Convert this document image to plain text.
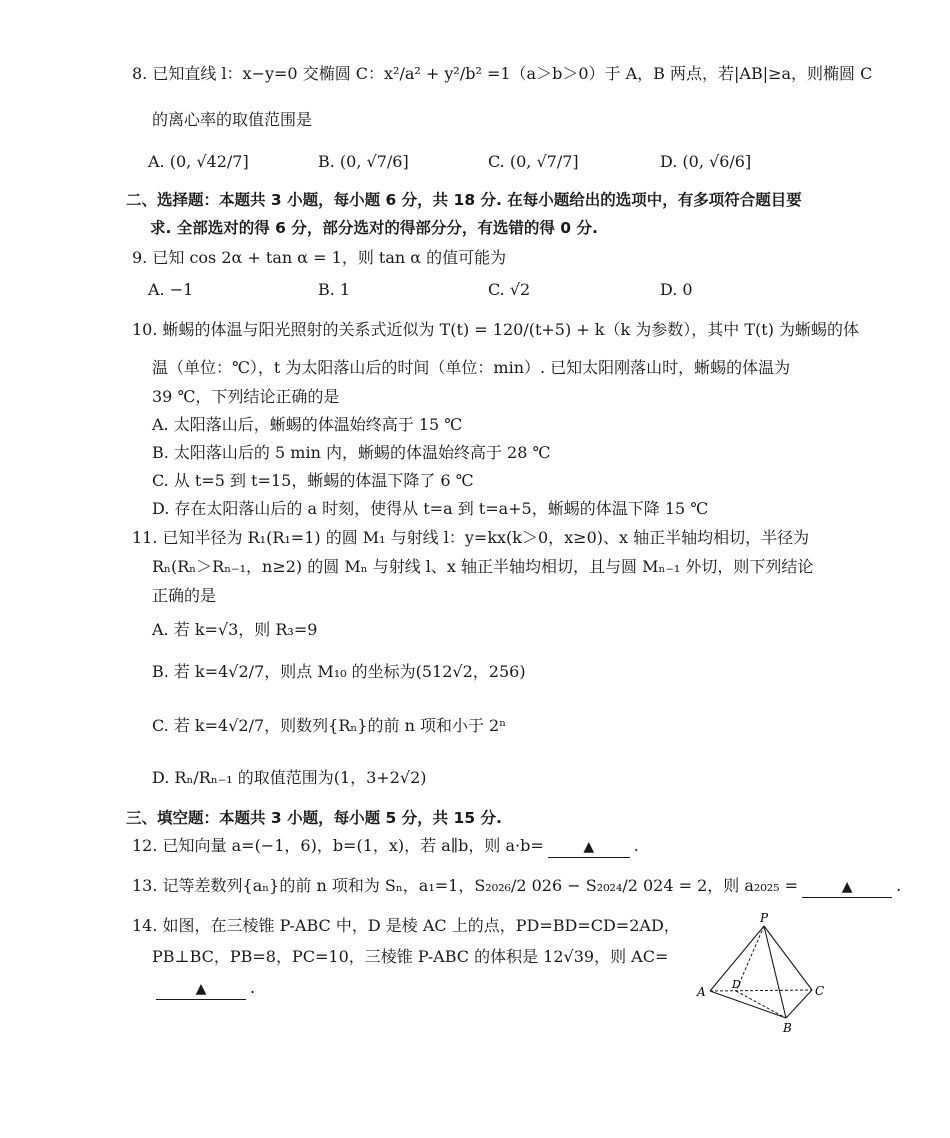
8. 已知直线 l：x−y=0 交椭圆 C：x²/a² + y²/b² =1（a＞b＞0）于 A，B 两点，若|AB|≥a，则椭圆 C
的离心率的取值范围是
A. (0, √42/7]	B. (0, √7/6]	C. (0, √7/7]	D. (0, √6/6]
二、选择题：本题共 3 小题，每小题 6 分，共 18 分. 在每小题给出的选项中，有多项符合题目要
求. 全部选对的得 6 分，部分选对的得部分分，有选错的得 0 分.
9. 已知 cos 2α + tan α = 1，则 tan α 的值可能为
A. −1	B. 1	C. √2	D. 0
10. 蜥蜴的体温与阳光照射的关系式近似为 T(t) = 120/(t+5) + k（k 为参数），其中 T(t) 为蜥蜴的体
温（单位：℃），t 为太阳落山后的时间（单位：min）. 已知太阳刚落山时，蜥蜴的体温为
39 ℃，下列结论正确的是
A. 太阳落山后，蜥蜴的体温始终高于 15 ℃
B. 太阳落山后的 5 min 内，蜥蜴的体温始终高于 28 ℃
C. 从 t=5 到 t=15，蜥蜴的体温下降了 6 ℃
D. 存在太阳落山后的 a 时刻，使得从 t=a 到 t=a+5，蜥蜴的体温下降 15 ℃
11. 已知半径为 R₁(R₁=1) 的圆 M₁ 与射线 l：y=kx(k＞0，x≥0)、x 轴正半轴均相切，半径为
Rₙ(Rₙ＞Rₙ₋₁，n≥2) 的圆 Mₙ 与射线 l、x 轴正半轴均相切，且与圆 Mₙ₋₁ 外切，则下列结论
正确的是
A. 若 k=√3，则 R₃=9
B. 若 k=4√2/7，则点 M₁₀ 的坐标为(512√2，256)
C. 若 k=4√2/7，则数列{Rₙ}的前 n 项和小于 2ⁿ
D. Rₙ/Rₙ₋₁ 的取值范围为(1，3+2√2)
三、填空题：本题共 3 小题，每小题 5 分，共 15 分.
12. 已知向量 a=(−1，6)，b=(1，x)，若 a∥b，则 a·b=	▲ .
13. 记等差数列{aₙ}的前 n 项和为 Sₙ，a₁=1，S₂₀₂₆/2 026 − S₂₀₂₄/2 024 = 2，则 a₂₀₂₅ =	▲	.
14. 如图，在三棱锥 P-ABC 中，D 是棱 AC 上的点，PD=BD=CD=2AD，
PB⊥BC，PB=8，PC=10，三棱锥 P-ABC 的体积是 12√39，则 AC=
▲	.
P
A
D	C
B
